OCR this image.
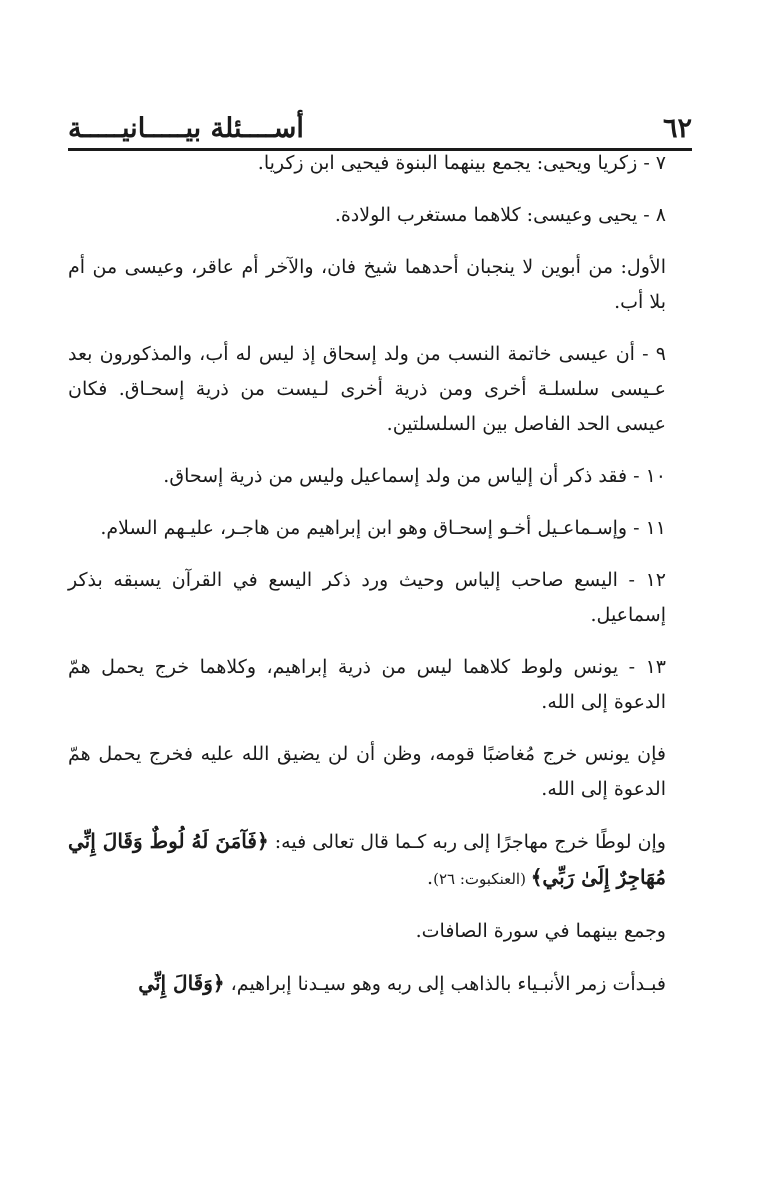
٦٢
أســــئلة بيـــــانيـــــة

٧ - زكريا ويحيى: يجمع بينهما البنوة فيحيى ابن زكريا.

٨ - يحيى وعيسى: كلاهما مستغرب الولادة.

الأول: من أبوين لا ينجبان أحدهما شيخ فان، والآخر أم عاقر، وعيسى من أم بلا أب.

٩ - أن عيسى خاتمة النسب من ولد إسحاق إذ ليس له أب، والمذكورون بعد عـيسى سلسلـة أخرى ومن ذرية أخرى لـيست من ذرية إسحـاق. فكان عيسى الحد الفاصل بين السلسلتين.

١٠ - فقد ذكر أن إلياس من ولد إسماعيل وليس من ذرية إسحاق.

١١ - وإسـماعـيل أخـو إسحـاق وهو ابن إبراهيم من هاجـر، عليـهم السلام.

١٢ - اليسع صاحب إلياس وحيث ورد ذكر اليسع في القرآن يسبقه بذكر إسماعيل.

١٣ - يونس ولوط كلاهما ليس من ذرية إبراهيم، وكلاهما خرج يحمل همّ الدعوة إلى الله.

فإن يونس خرج مُغاضبًا قومه، وظن أن لن يضيق الله عليه فخرج يحمل همّ الدعوة إلى الله.

وإن لوطًا خرج مهاجرًا إلى ربه كـما قال تعالى فيه: ﴿فَآمَنَ لَهُ لُوطٌ وَقَالَ إِنِّي مُهَاجِرٌ إِلَىٰ رَبِّي﴾ (العنكبوت: ٢٦).

وجمع بينهما في سورة الصافات.

فبـدأت زمر الأنبـياء بالذاهب إلى ربه وهو سيـدنا إبراهيم، ﴿وَقَالَ إِنِّي
